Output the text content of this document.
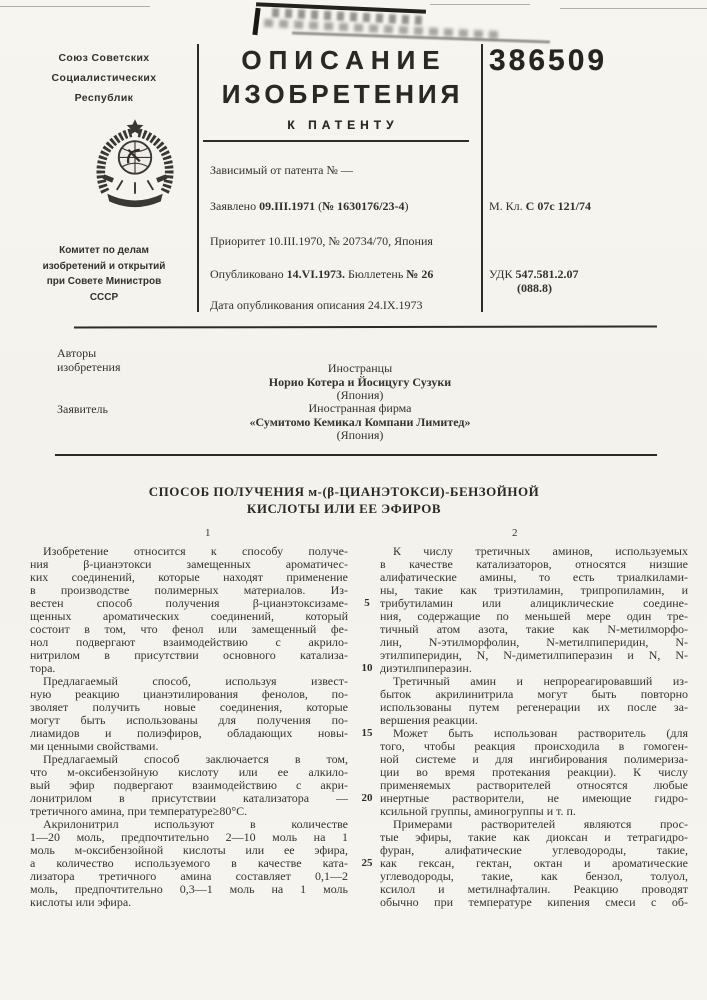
Союз Советских
Социалистических
Республик
Комитет по делам
изобретений и открытий
при Совете Министров
СССР
ОПИСАНИЕ
ИЗОБРЕТЕНИЯ
К ПАТЕНТУ
Зависимый от патента № —
Заявлено 09.III.1971 (№ 1630176/23-4)
Приоритет 10.III.1970, № 20734/70, Япония
Опубликовано 14.VI.1973. Бюллетень № 26
Дата опубликования описания 24.IX.1973
386509
М. Кл. С 07с 121/74
УДК 547.581.2.07
(088.8)
Авторы
изобретения	Иностранцы
Норио Котера и Йосицугу Сузуки
(Япония)
Заявитель	Иностранная фирма
«Сумитомо Кемикал Компани Лимитед»
(Япония)
СПОСОБ ПОЛУЧЕНИЯ м-(β-ЦИАНЭТОКСИ)-БЕНЗОЙНОЙ
КИСЛОТЫ ИЛИ ЕЕ ЭФИРОВ
1	2
Изобретение относится к способу получе-
ния β-цианэтокси замещенных ароматичес-
ких соединений, которые находят применение
в производстве полимерных материалов. Из-
вестен способ получения β-цианэтоксизаме-
щенных ароматических соединений, который
состоит в том, что фенол или замещенный фе-
нол подвергают взаимодействию с акрило-
нитрилом в присутствии основного катализа-
тора.
Предлагаемый способ, используя извест-
ную реакцию цианэтилирования фенолов, по-
зволяет получить новые соединения, которые
могут быть использованы для получения по-
лиамидов и полиэфиров, обладающих новы-
ми ценными свойствами.
Предлагаемый способ заключается в том,
что м-оксибензойную кислоту или ее алкило-
вый эфир подвергают взаимодействию с акри-
лонитрилом в присутствии катализатора —
третичного амина, при температуре≥80°С.
Акрилонитрил используют в количестве
1—20 моль, предпочтительно 2—10 моль на 1
моль м-оксибензойной кислоты или ее эфира,
а количество используемого в качестве ката-
лизатора третичного амина составляет 0,1—2
моль, предпочтительно 0,3—1 моль на 1 моль
кислоты или эфира.
5
10
15
20
25
К числу третичных аминов, используемых
в качестве катализаторов, относятся низшие
алифатические амины, то есть триалкилами-
ны, такие как триэтиламин, трипропиламин, и
трибутиламин или алициклические соедине-
ния, содержащие по меньшей мере один тре-
тичный атом азота, такие как N-метилморфо-
лин, N-этилморфолин, N-метилпиперидин, N-
этилпиперидин, N, N-диметилпиперазин и N, N-
диэтилпиперазин.
Третичный амин и непрореагировавший из-
быток акрилинитрила могут быть повторно
использованы путем регенерации их после за-
вершения реакции.
Может быть использован растворитель (для
того, чтобы реакция происходила в гомоген-
ной системе и для ингибирования полимериза-
ции во время протекания реакции). К числу
применяемых растворителей относятся любые
инертные растворители, не имеющие гидро-
ксильной группы, аминогруппы и т. п.
Примерами растворителей являются прос-
тые эфиры, такие как диоксан и тетрагидро-
фуран, алифатические углеводороды, такие,
как гексан, гектан, октан и ароматические
углеводороды, такие, как бензол, толуол,
ксилол и метилнафталин. Реакцию проводят
обычно при температуре кипения смеси с об-
